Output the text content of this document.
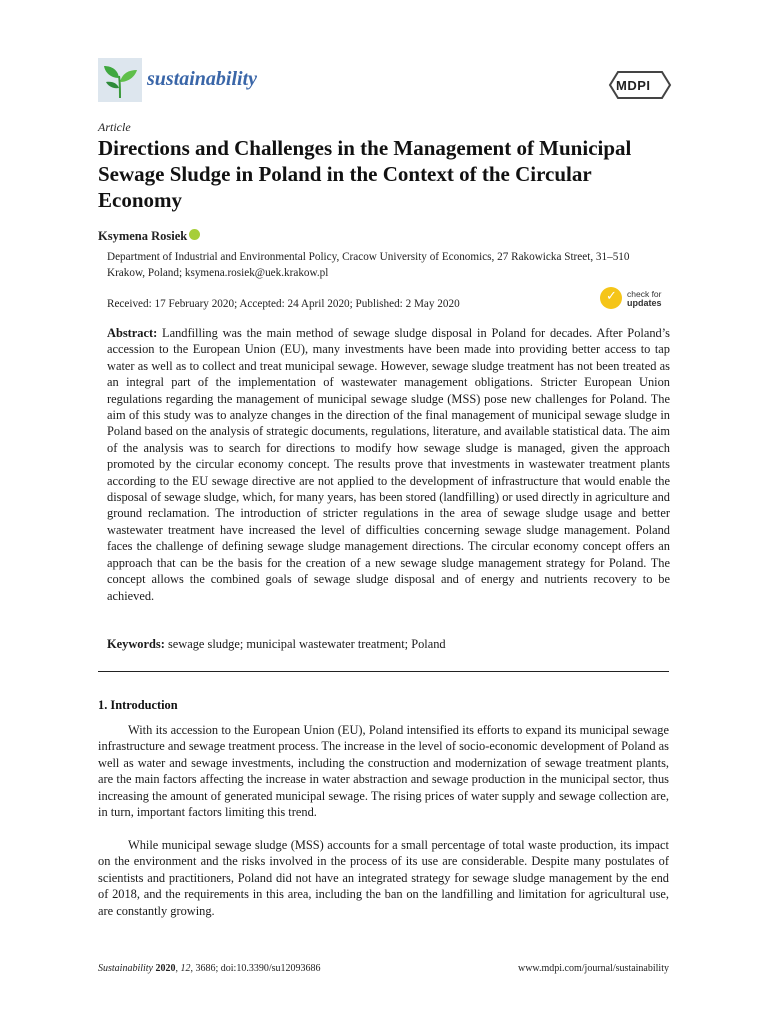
sustainability	MDPI
Article
Directions and Challenges in the Management of Municipal Sewage Sludge in Poland in the Context of the Circular Economy
Ksymena Rosiek
Department of Industrial and Environmental Policy, Cracow University of Economics, 27 Rakowicka Street, 31–510 Krakow, Poland; ksymena.rosiek@uek.krakow.pl
Received: 17 February 2020; Accepted: 24 April 2020; Published: 2 May 2020	✓ check for
updates

Abstract: Landfilling was the main method of sewage sludge disposal in Poland for decades. After Poland’s accession to the European Union (EU), many investments have been made into providing better access to tap water as well as to collect and treat municipal sewage. However, sewage sludge treatment has not been treated as an integral part of the implementation of wastewater management obligations. Stricter European Union regulations regarding the management of municipal sewage sludge (MSS) pose new challenges for Poland. The aim of this study was to analyze changes in the direction of the final management of municipal sewage sludge in Poland based on the analysis of strategic documents, regulations, literature, and available statistical data. The aim of the analysis was to search for directions to modify how sewage sludge is managed, given the approach promoted by the circular economy concept. The results prove that investments in wastewater treatment plants according to the EU sewage directive are not applied to the development of infrastructure that would enable the disposal of sewage sludge, which, for many years, has been stored (landfilling) or used directly in agriculture and ground reclamation. The introduction of stricter regulations in the area of sewage sludge usage and better wastewater treatment have increased the level of difficulties concerning sewage sludge management. Poland faces the challenge of defining sewage sludge management directions. The circular economy concept offers an approach that can be the basis for the creation of a new sewage sludge management strategy for Poland. The concept allows the combined goals of sewage sludge disposal and of energy and nutrients recovery to be achieved.

Keywords: sewage sludge; municipal wastewater treatment; Poland
1. Introduction

With its accession to the European Union (EU), Poland intensified its efforts to expand its municipal sewage infrastructure and sewage treatment process. The increase in the level of socio-economic development of Poland as well as water and sewage investments, including the construction and modernization of sewage treatment plants, are the main factors affecting the increase in water abstraction and sewage production in the municipal sector, thus increasing the amount of generated municipal sewage. The rising prices of water supply and sewage collection are, in turn, important factors limiting this trend.

While municipal sewage sludge (MSS) accounts for a small percentage of total waste production, its impact on the environment and the risks involved in the process of its use are considerable. Despite many postulates of scientists and practitioners, Poland did not have an integrated strategy for sewage sludge management by the end of 2018, and the requirements in this area, including the ban on the landfilling and limitation for agricultural use, are constantly growing.

Sustainability 2020, 12, 3686; doi:10.3390/su12093686	www.mdpi.com/journal/sustainability
